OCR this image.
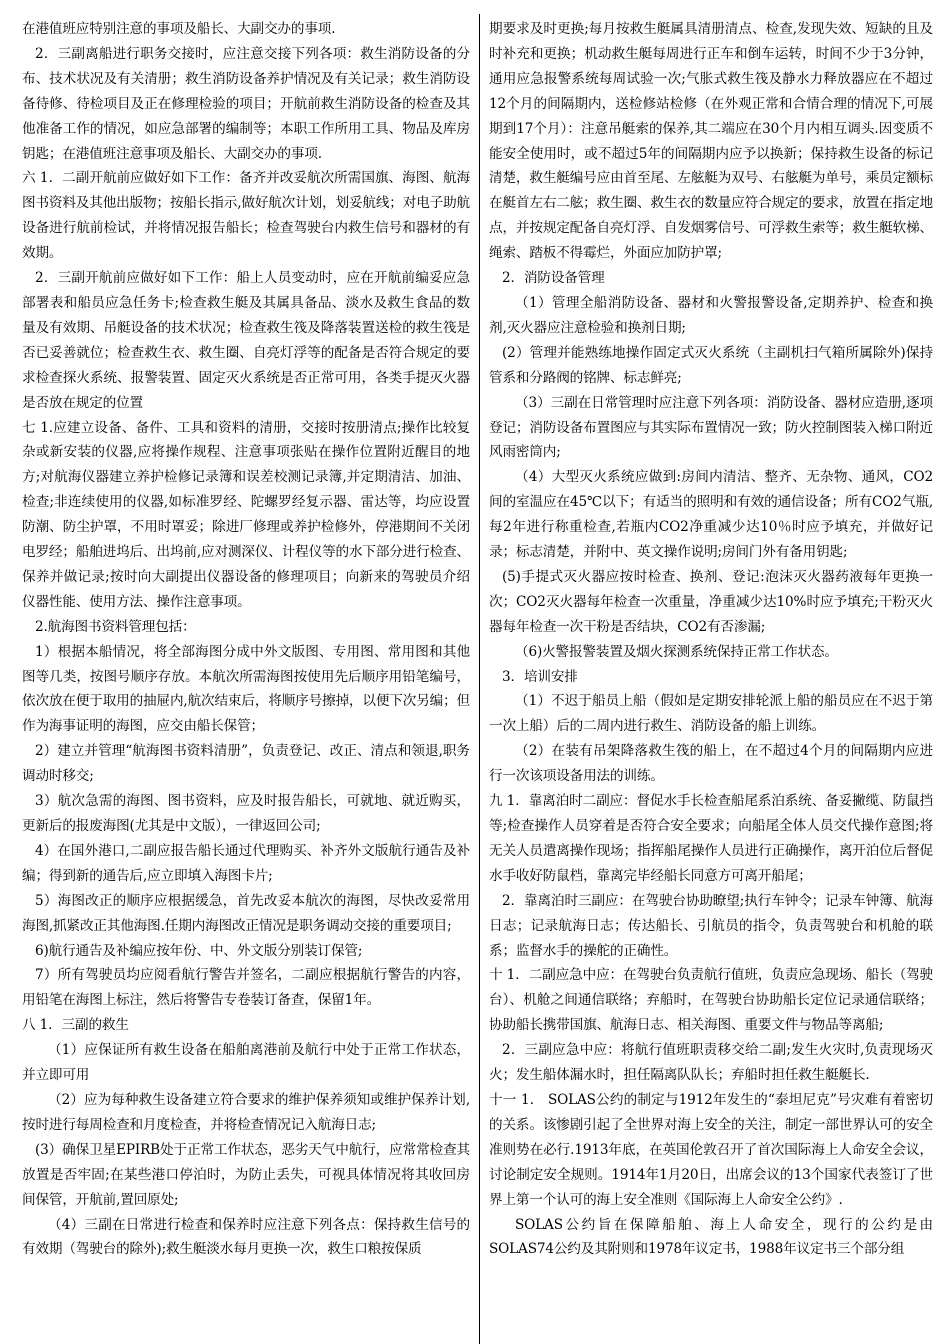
在港值班应特别注意的事项及船长、大副交办的事项.

2．三副离船进行职务交接时，应注意交接下列各项：救生消防设备的分布、技术状况及有关清册；救生消防设备养护情况及有关记录；救生消防设备待修、待检项目及正在修理检验的项目；开航前救生消防设备的检查及其他准备工作的情况，如应急部署的编制等；本职工作所用工具、物品及库房钥匙；在港值班注意事项及船长、大副交办的事项.

六 1．二副开航前应做好如下工作：备齐并改妥航次所需国旗、海图、航海图书资料及其他出版物；按船长指示,做好航次计划，划妥航线；对电子助航设备进行航前检试，并将情况报告船长；检查驾驶台内救生信号和器材的有效期。

2．三副开航前应做好如下工作：船上人员变动时，应在开航前编妥应急部署表和船员应急任务卡;检查救生艇及其属具备品、淡水及救生食品的数量及有效期、吊艇设备的技术状况；检查救生筏及降落装置送检的救生筏是否已妥善就位；检查救生衣、救生圈、自亮灯浮等的配备是否符合规定的要求检查探火系统、报警装置、固定灭火系统是否正常可用，各类手提灭火器是否放在规定的位置

七 1.应建立设备、备件、工具和资料的清册，交接时按册清点;操作比较复杂或新安装的仪器,应将操作规程、注意事项张贴在操作位置附近醒目的地方;对航海仪器建立养护检修记录簿和误差校测记录簿,并定期清洁、加油、检查;非连续使用的仪器,如标准罗经、陀螺罗经复示器、雷达等，均应设置防潮、防尘护罩，不用时罩妥；除进厂修理或养护检修外，停港期间不关闭电罗经；船舶进坞后、出坞前,应对测深仪、计程仪等的水下部分进行检查、保养并做记录;按时向大副提出仪器设备的修理项目；向新来的驾驶员介绍仪器性能、使用方法、操作注意事项。

2.航海图书资料管理包括：

1）根据本船情况，将全部海图分成中外文版图、专用图、常用图和其他图等几类，按图号顺序存放。本航次所需海图按使用先后顺序用铅笔编号，依次放在便于取用的抽屉内,航次结束后，将顺序号擦掉，以便下次另编；但作为海事证明的海图，应交由船长保管；

2）建立并管理“航海图书资料清册”，负责登记、改正、清点和领退,职务调动时移交;

3）航次急需的海图、图书资料，应及时报告船长，可就地、就近购买，更新后的报废海图(尤其是中文版），一律返回公司;

4）在国外港口,二副应报告船长通过代理购买、补齐外文版航行通告及补编；得到新的通告后,应立即填入海图卡片;

5）海图改正的顺序应根据缓急，首先改妥本航次的海图，尽快改妥常用海图,抓紧改正其他海图.任期内海图改正情况是职务调动交接的重要项目;

6)航行通告及补编应按年份、中、外文版分别装订保管;

7）所有驾驶员均应阅看航行警告并签名，二副应根据航行警告的内容，用铅笔在海图上标注，然后将警告专卷装订备查，保留1年。

八 1．三副的救生

（1）应保证所有救生设备在船舶离港前及航行中处于正常工作状态，并立即可用

（2）应为每种救生设备建立符合要求的维护保养须知或维护保养计划,按时进行每周检查和月度检查，并将检查情况记入航海日志;

(3）确保卫星EPIRB处于正常工作状态，恶劣天气中航行，应常常检查其放置是否牢固;在某些港口停泊时，为防止丢失，可视具体情况将其收回房间保管，开航前,置回原处;

（4）三副在日常进行检查和保养时应注意下列各点：保持救生信号的有效期（驾驶台的除外);救生艇淡水每月更换一次，救生口粮按保质

期要求及时更换;每月按救生艇属具清册清点、检查,发现失效、短缺的且及时补充和更换；机动救生艇每周进行正车和倒车运转，时间不少于3分钟，通用应急报警系统每周试验一次;气胀式救生筏及静水力释放器应在不超过12个月的间隔期内，送检修站检修（在外观正常和合情合理的情况下,可展期到17个月）：注意吊艇索的保养,其二端应在30个月内相互调头.因变质不能安全使用时，或不超过5年的间隔期内应予以换新；保持救生设备的标记清楚，救生艇编号应由首至尾、左舷艇为双号、右舷艇为单号，乘员定额标在艇首左右二舷；救生圈、救生衣的数量应符合规定的要求，放置在指定地点，并按规定配备自亮灯浮、自发烟雾信号、可浮救生索等；救生艇软梯、绳索、踏板不得霉烂，外面应加防护罩;

2．消防设备管理

（1）管理全船消防设备、器材和火警报警设备,定期养护、检查和换剂,灭火器应注意检验和换剂日期;

(2）管理并能熟练地操作固定式灭火系统（主副机扫气箱所属除外)保持管系和分路阀的铭牌、标志鲜亮;

（3）三副在日常管理时应注意下列各项：消防设备、器材应造册,逐项登记；消防设备布置图应与其实际布置情况一致；防火控制图装入梯口附近风雨密筒内;

（4）大型灭火系统应做到:房间内清洁、整齐、无杂物、通风，CO2间的室温应在45℃以下；有适当的照明和有效的通信设备；所有CO2气瓶,每2年进行称重检查,若瓶内CO2净重减少达10％时应予填充，并做好记录；标志清楚，并附中、英文操作说明;房间门外有备用钥匙;

(5)手提式灭火器应按时检查、换剂、登记:泡沫灭火器药液每年更换一次；CO2灭火器每年检查一次重量，净重减少达10%时应予填充;干粉灭火器每年检查一次干粉是否结块，CO2有否渗漏;

（6)火警报警装置及烟火探测系统保持正常工作状态。

3．培训安排

（1）不迟于船员上船（假如是定期安排轮派上船的船员应在不迟于第一次上船）后的二周内进行救生、消防设备的船上训练。

（2）在装有吊架降落救生筏的船上，在不超过4个月的间隔期内应进行一次该项设备用法的训练。

九 1．靠离泊时二副应：督促水手长检查船尾系泊系统、备妥撇缆、防鼠挡等;检查操作人员穿着是否符合安全要求；向船尾全体人员交代操作意图;将无关人员遣离操作现场；指挥船尾操作人员进行正确操作，离开泊位后督促水手收好防鼠档，靠离完毕经船长同意方可离开船尾；

2．靠离泊时三副应：在驾驶台协助瞭望;执行车钟令；记录车钟簿、航海日志；记录航海日志；传达船长、引航员的指令，负责驾驶台和机舱的联系；监督水手的操舵的正确性。

十 1．二副应急中应：在驾驶台负责航行值班，负责应急现场、船长（驾驶台）、机舱之间通信联络；弃船时，在驾驶台协助船长定位记录通信联络；协助船长携带国旗、航海日志、相关海图、重要文件与物品等离船;

2．三副应急中应：将航行值班职责移交给二副;发生火灾时,负责现场灭火；发生船体漏水时，担任隔离队队长；弃船时担任救生艇艇长.

十一 1． SOLAS公约的制定与1912年发生的“泰坦尼克”号灾难有着密切的关系。该惨剧引起了全世界对海上安全的关注，制定一部世界认可的安全准则势在必行.1913年底，在英国伦敦召开了首次国际海上人命安全会议，讨论制定安全规则。1914年1月20日，出席会议的13个国家代表签订了世界上第一个认可的海上安全准则《国际海上人命安全公约》.

SOLAS公约旨在保障船舶、海上人命安全，现行的公约是由SOLAS74公约及其附则和1978年议定书，1988年议定书三个部分组
